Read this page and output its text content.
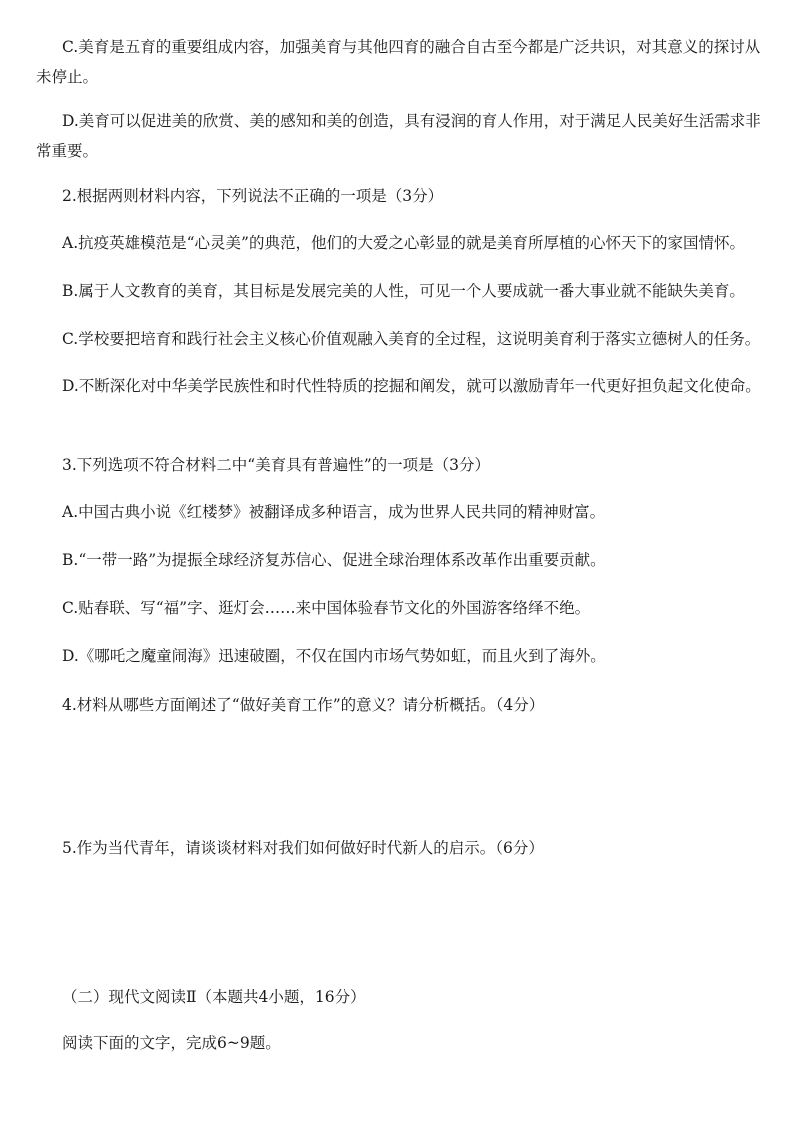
C.美育是五育的重要组成内容，加强美育与其他四育的融合自古至今都是广泛共识，对其意义的探讨从未停止。

D.美育可以促进美的欣赏、美的感知和美的创造，具有浸润的育人作用，对于满足人民美好生活需求非常重要。

2.根据两则材料内容，下列说法不正确的一项是（3分）

A.抗疫英雄模范是“心灵美”的典范，他们的大爱之心彰显的就是美育所厚植的心怀天下的家国情怀。

B.属于人文教育的美育，其目标是发展完美的人性，可见一个人要成就一番大事业就不能缺失美育。

C.学校要把培育和践行社会主义核心价值观融入美育的全过程，这说明美育利于落实立德树人的任务。

D.不断深化对中华美学民族性和时代性特质的挖掘和阐发，就可以激励青年一代更好担负起文化使命。

3.下列选项不符合材料二中“美育具有普遍性”的一项是（3分）

A.中国古典小说《红楼梦》被翻译成多种语言，成为世界人民共同的精神财富。

B.“一带一路”为提振全球经济复苏信心、促进全球治理体系改革作出重要贡献。

C.贴春联、写“福”字、逛灯会……来中国体验春节文化的外国游客络绎不绝。

D.《哪吒之魔童闹海》迅速破圈，不仅在国内市场气势如虹，而且火到了海外。

4.材料从哪些方面阐述了“做好美育工作”的意义？请分析概括。（4分）

5.作为当代青年，请谈谈材料对我们如何做好时代新人的启示。（6分）

（二）现代文阅读Ⅱ（本题共4小题，16分）

阅读下面的文字，完成6~9题。
